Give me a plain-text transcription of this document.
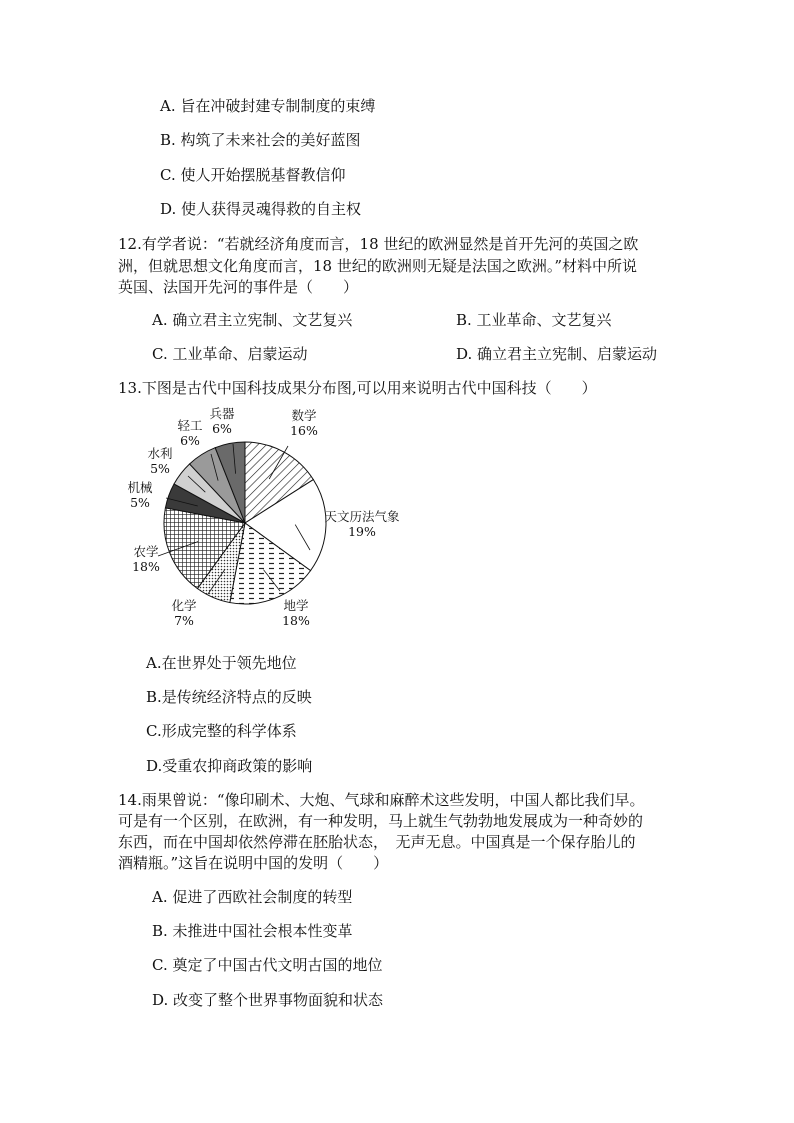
A. 旨在冲破封建专制制度的束缚
B. 构筑了未来社会的美好蓝图
C. 使人开始摆脱基督教信仰
D. 使人获得灵魂得救的自主权
12.有学者说：“若就经济角度而言，18 世纪的欧洲显然是首开先河的英国之欧
洲，但就思想文化角度而言，18 世纪的欧洲则无疑是法国之欧洲。”材料中所说
英国、法国开先河的事件是（　　）
A. 确立君主立宪制、文艺复兴	B. 工业革命、文艺复兴
C. 工业革命、启蒙运动	D. 确立君主立宪制、启蒙运动
13.下图是古代中国科技成果分布图,可以用来说明古代中国科技（　　）
数学
16%
天文历法气象
19%
地学
18%
化学
7%
农学
18%
机械
5%
水利
5%
轻工
6%
兵器
6%
A.在世界处于领先地位
B.是传统经济特点的反映
C.形成完整的科学体系
D.受重农抑商政策的影响
14.雨果曾说：“像印刷术、大炮、气球和麻醉术这些发明，中国人都比我们早。
可是有一个区别，在欧洲，有一种发明，马上就生气勃勃地发展成为一种奇妙的
东西，而在中国却依然停滞在胚胎状态，　无声无息。中国真是一个保存胎儿的
酒精瓶。”这旨在说明中国的发明（　　）
A. 促进了西欧社会制度的转型
B. 未推进中国社会根本性变革
C. 奠定了中国古代文明古国的地位
D. 改变了整个世界事物面貌和状态
